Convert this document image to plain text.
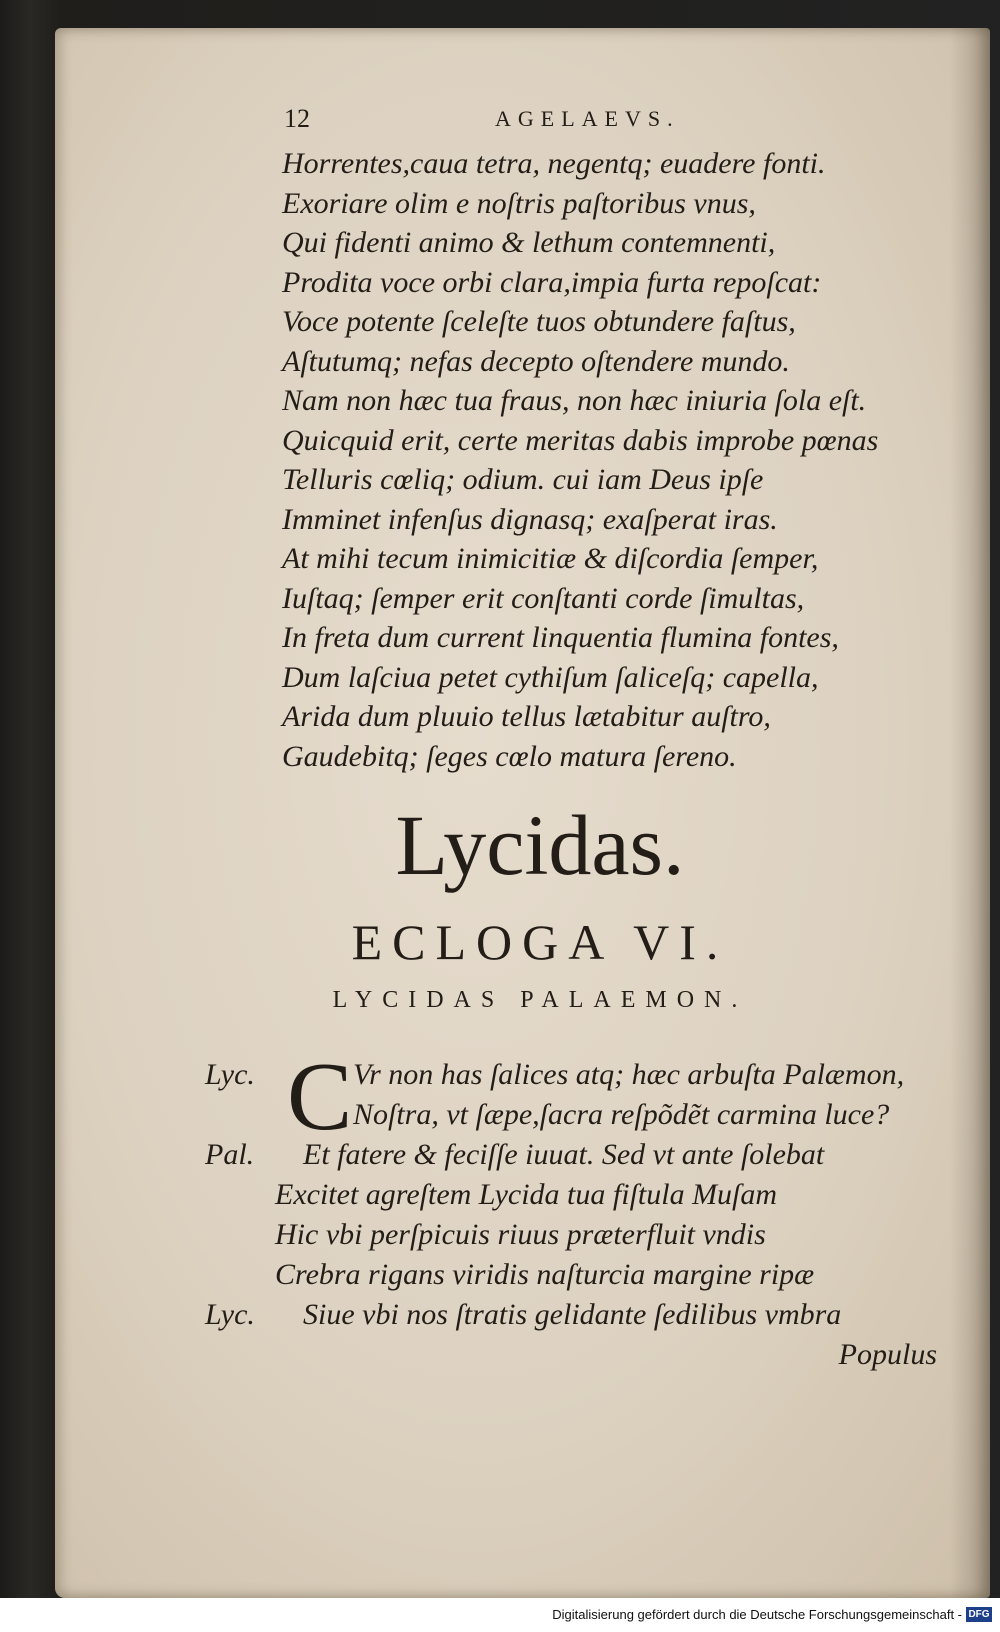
12	AGELAEVS.
Horrentes,caua tetra, negentq; euadere fonti.
Exoriare olim e noſtris paſtoribus vnus,
Qui fidenti animo & lethum contemnenti,
Prodita voce orbi clara,impia furta repoſcat:
Voce potente ſceleſte tuos obtundere faſtus,
Aſtutumq; nefas decepto oſtendere mundo.
Nam non hæc tua fraus, non hæc iniuria ſola eſt.
Quicquid erit, certe meritas dabis improbe pœnas
Telluris cœliq; odium. cui iam Deus ipſe
Imminet infenſus dignasq; exaſperat iras.
At mihi tecum inimicitiæ & diſcordia ſemper,
Iuſtaq; ſemper erit conſtanti corde ſimultas,
In freta dum current linquentia flumina fontes,
Dum laſciua petet cythiſum ſaliceſq; capella,
Arida dum pluuio tellus lætabitur auſtro,
Gaudebitq; ſeges cœlo matura ſereno.
Lycidas.
ECLOGA VI.
LYCIDAS PALAEMON.
C
Lyc.	Vr non has ſalices atq; hæc arbuſta Palæmon,
Noſtra, vt ſæpe,ſacra reſpõdẽt carmina luce?
Pal. Et fatere & feciſſe iuuat. Sed vt ante ſolebat
Excitet agreſtem Lycida tua fiſtula Muſam
Hic vbi perſpicuis riuus præterfluit vndis
Crebra rigans viridis naſturcia margine ripæ
Lyc. Siue vbi nos ſtratis gelidante ſedilibus vmbra
Populus
Digitalisierung gefördert durch die Deutsche Forschungsgemeinschaft - DFG
